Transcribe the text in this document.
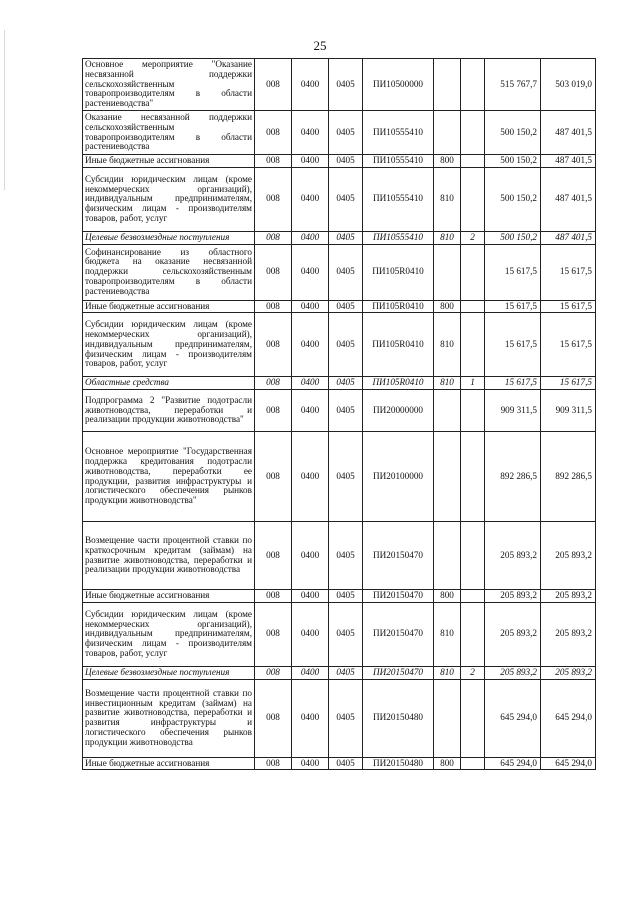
25
Основное мероприятие "Оказание несвязанной поддержки сельскохозяйственным товаропроизводителям в области растениеводства"	008	0400	0405	ПИ10500000			515 767,7	503 019,0
Оказание несвязанной поддержки сельскохозяйственным товаропроизводителям в области растениеводства	008	0400	0405	ПИ10555410			500 150,2	487 401,5
Иные бюджетные ассигнования	008	0400	0405	ПИ10555410	800		500 150,2	487 401,5
Субсидии юридическим лицам (кроме некоммерческих организаций), индивидуальным предпринимателям, физическим лицам - производителям товаров, работ, услуг	008	0400	0405	ПИ10555410	810		500 150,2	487 401,5
Целевые безвозмездные поступления	008	0400	0405	ПИ10555410	810	2	500 150,2	487 401,5
Софинансирование из областного бюджета на оказание несвязанной поддержки сельскохозяйственным товаропроизводителям в области растениеводства	008	0400	0405	ПИ105R0410			15 617,5	15 617,5
Иные бюджетные ассигнования	008	0400	0405	ПИ105R0410	800		15 617,5	15 617,5
Субсидии юридическим лицам (кроме некоммерческих организаций), индивидуальным предпринимателям, физическим лицам - производителям товаров, работ, услуг	008	0400	0405	ПИ105R0410	810		15 617,5	15 617,5
Областные средства	008	0400	0405	ПИ105R0410	810	1	15 617,5	15 617,5
Подпрограмма 2 "Развитие подотрасли животноводства, переработки и реализации продукции животноводства"	008	0400	0405	ПИ20000000			909 311,5	909 311,5
Основное мероприятие "Государственная поддержка кредитования подотрасли животноводства, переработки ее продукции, развития инфраструктуры и логистического обеспечения рынков продукции животноводства"	008	0400	0405	ПИ20100000			892 286,5	892 286,5
Возмещение части процентной ставки по краткосрочным кредитам (займам) на развитие животноводства, переработки и реализации продукции животноводства	008	0400	0405	ПИ20150470			205 893,2	205 893,2
Иные бюджетные ассигнования	008	0400	0405	ПИ20150470	800		205 893,2	205 893,2
Субсидии юридическим лицам (кроме некоммерческих организаций), индивидуальным предпринимателям, физическим лицам - производителям товаров, работ, услуг	008	0400	0405	ПИ20150470	810		205 893,2	205 893,2
Целевые безвозмездные поступления	008	0400	0405	ПИ20150470	810	2	205 893,2	205 893,2
Возмещение части процентной ставки по инвестиционным кредитам (займам) на развитие животноводства, переработки и развития инфраструктуры и логистического обеспечения рынков продукции животноводства	008	0400	0405	ПИ20150480			645 294,0	645 294,0
Иные бюджетные ассигнования	008	0400	0405	ПИ20150480	800		645 294,0	645 294,0
